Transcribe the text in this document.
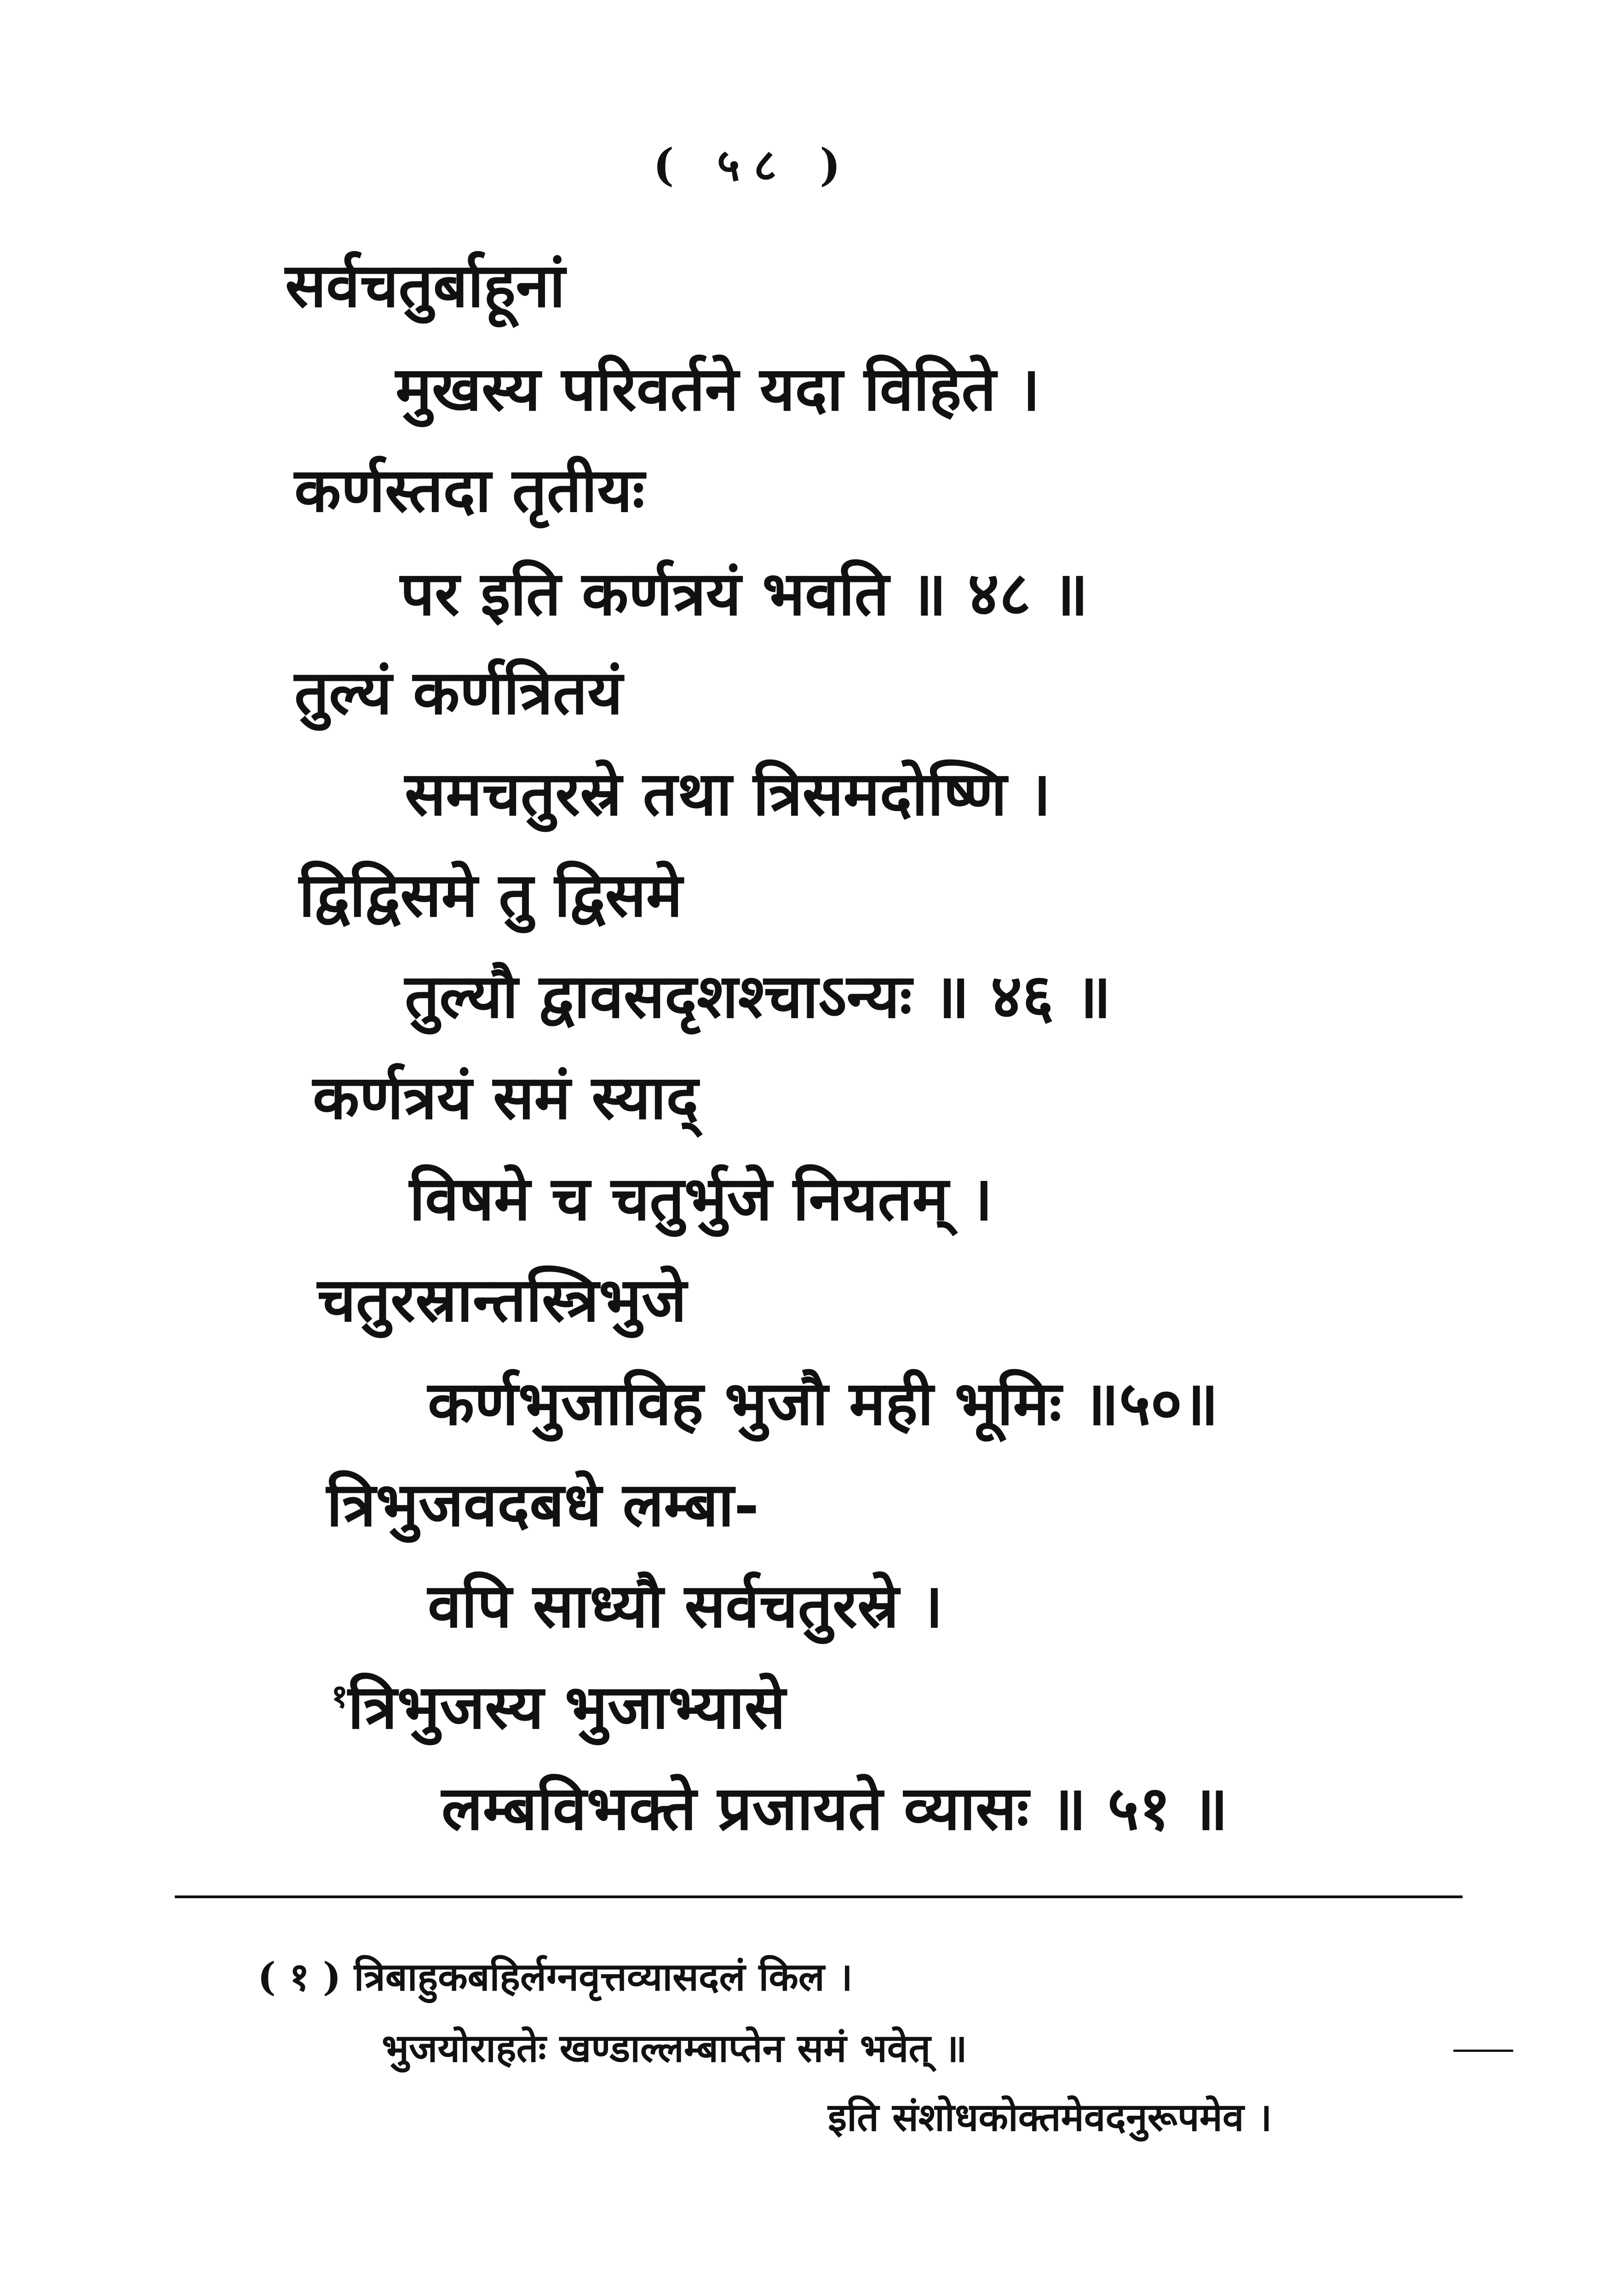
( ५८ )
सर्वचतुर्बाहूनां
मुखस्य परिवर्तने यदा विहिते ।
कर्णस्तदा तृतीयः
पर इति कर्णत्रयं भवति ॥ ४८ ॥
तुल्यं कर्णत्रितयं
समचतुरस्रे तथा त्रिसमदोष्णि ।
द्विद्विसमे तु द्विसमे
तुल्यौ द्वावसदृशश्चाऽन्यः ॥ ४६ ॥
कर्णत्रयं समं स्याद्
विषमे च चतुर्भुजे नियतम् ।
चतुरस्रान्तस्त्रिभुजे
कर्णभुजाविह भुजौ मही भूमिः ॥५०॥
त्रिभुजवदबधे लम्बा-
वपि साध्यौ सर्वचतुरस्रे ।
$^१$त्रिभुजस्य भुजाभ्यासे
लम्बविभक्ते प्रजायते व्यासः ॥ ५१ ॥
( १ ) त्रिबाहुकबहिर्लग्नवृत्तव्यासदलं किल ।
भुजयोराहतेः खण्डाल्लम्बाप्तेन समं भवेत् ॥
इति संशोधकोक्तमेवदनुरूपमेव ।
